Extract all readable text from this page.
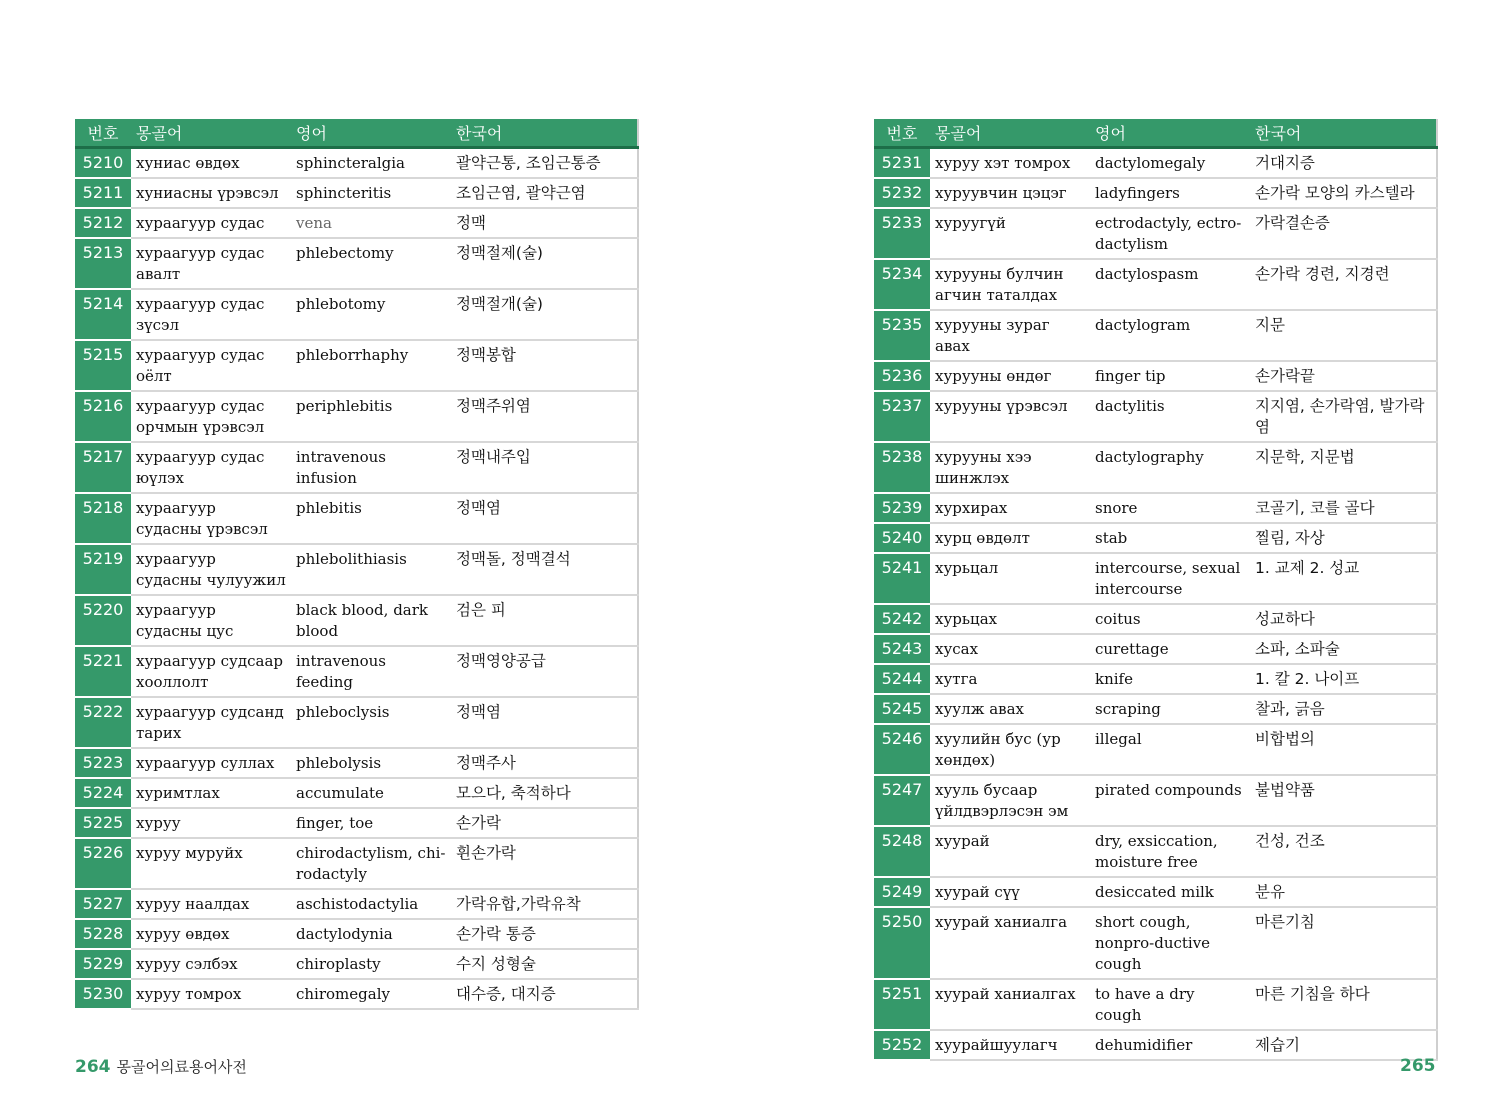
번호	몽골어	영어	한국어
5210	хуниас өвдөх	sphincteralgia	괄약근통, 조임근통증
5211	хуниасны үрэвсэл	sphincteritis	조임근염, 괄약근염
5212	хураагуур судас	vena	정맥
5213	хураагуур судас авалт	phlebectomy	정맥절제(술)
5214	хураагуур судас зүсэл	phlebotomy	정맥절개(술)
5215	хураагуур судас оёлт	phleborrhaphy	정맥봉합
5216	хураагуур судас орчмын үрэвсэл	periphlebitis	정맥주위염
5217	хураагуур судас юүлэх	intravenous infusion	정맥내주입
5218	хураагуур судасны үрэвсэл	phlebitis	정맥염
5219	хураагуур судасны чулуужил	phlebolithiasis	정맥돌, 정맥결석
5220	хураагуур судасны цус	black blood, dark blood	검은 피
5221	хураагуур судсаар хооллолт	intravenous feeding	정맥영양공급
5222	хураагуур судсанд тарих	phleboclysis	정맥염
5223	хураагуур суллах	phlebolysis	정맥주사
5224	хуримтлах	accumulate	모으다, 축적하다
5225	хуруу	finger, toe	손가락
5226	хуруу муруйх	chirodactylism, chi-rodactyly	휜손가락
5227	хуруу наалдах	aschistodactylia	가락유합,가락유착
5228	хуруу өвдөх	dactylodynia	손가락 통증
5229	хуруу сэлбэх	chiroplasty	수지 성형술
5230	хуруу томрох	chiromegaly	대수증, 대지증
번호	몽골어	영어	한국어
5231	хуруу хэт томрох	dactylomegaly	거대지증
5232	хуруувчин цэцэг	ladyfingers	손가락 모양의 카스텔라
5233	хуруугүй	ectrodactyly, ectro-dactylism	가락결손증
5234	хурууны булчин агчин таталдах	dactylospasm	손가락 경련, 지경련
5235	хурууны зураг авах	dactylogram	지문
5236	хурууны өндөг	finger tip	손가락끝
5237	хурууны үрэвсэл	dactylitis	지지염, 손가락염, 발가락염
5238	хурууны хээ шинжлэх	dactylography	지문학, 지문법
5239	хурхирах	snore	코골기, 코를 골다
5240	хурц өвдөлт	stab	찔림, 자상
5241	хурьцал	intercourse, sexual intercourse	1. 교제 2. 성교
5242	хурьцах	coitus	성교하다
5243	хусах	curettage	소파, 소파술
5244	хутга	knife	1. 칼 2. 나이프
5245	хуулж авах	scraping	찰과, 긁음
5246	хуулийн бус (ур хөндөх)	illegal	비합법의
5247	хууль бусаар үйлдвэрлэсэн эм	pirated compounds	불법약품
5248	хуурай	dry, exsiccation, moisture free	건성, 건조
5249	хуурай сүү	desiccated milk	분유
5250	хуурай ханиалга	short cough, nonpro-ductive cough	마른기침
5251	хуурай ханиалгах	to have a dry cough	마른 기침을 하다
5252	хуурайшуулагч	dehumidifier	제습기
264 몽골어의료용어사전	265
